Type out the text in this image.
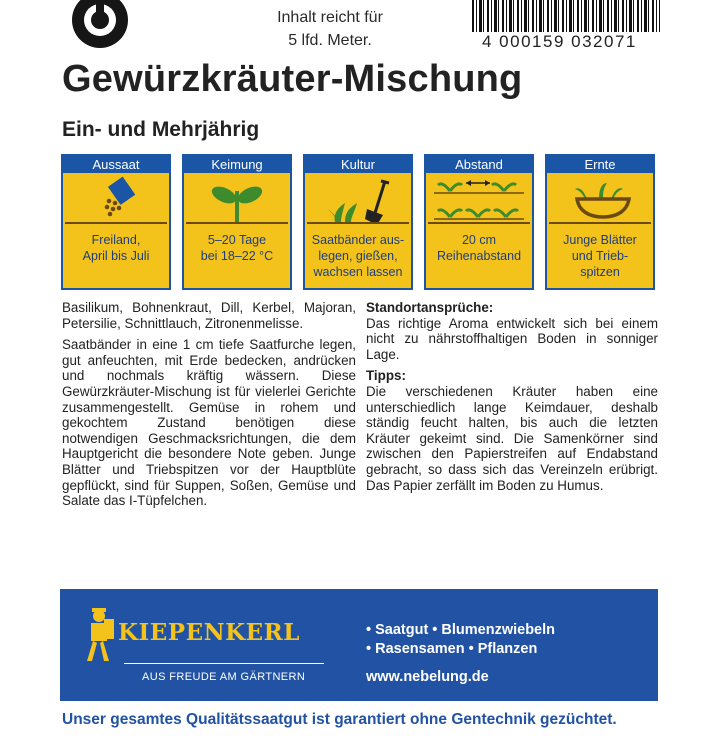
Inhalt reicht für
5 lfd. Meter.	4 000159 032071
Gewürzkräuter-Mischung
Ein- und Mehrjährig
Aussaat
Freiland,
April bis Juli
Keimung
5–20 Tage
bei 18–22 °C
Kultur
Saatbänder aus-
legen, gießen,
wachsen lassen
Abstand
20 cm
Reihenabstand
Ernte
Junge Blätter
und Trieb-
spitzen

Basilikum, Bohnenkraut, Dill, Kerbel, Majoran, Petersilie, Schnittlauch, Zitronenmelisse.

Saatbänder in eine 1 cm tiefe Saatfurche legen, gut anfeuchten, mit Erde bedecken, andrücken und nochmals kräftig wässern. Diese Gewürzkräuter-Mischung ist für vielerlei Gerichte zusammengestellt. Gemüse in rohem und gekochtem Zustand benötigen diese notwendigen Geschmacksrichtungen, die dem Hauptgericht die besondere Note geben. Junge Blätter und Triebspitzen vor der Hauptblüte gepflückt, sind für Suppen, Soßen, Gemüse und Salate das I-Tüpfelchen.

Standortansprüche:

Das richtige Aroma entwickelt sich bei einem nicht zu nährstoffhaltigen Boden in sonniger Lage.

Tipps:

Die verschiedenen Kräuter haben eine unterschiedlich lange Keimdauer, deshalb ständig feucht halten, bis auch die letzten Kräuter gekeimt sind. Die Samenkörner sind zwischen den Papierstreifen auf Endabstand gebracht, so dass sich das Vereinzeln erübrigt. Das Papier zerfällt im Boden zu Humus.

KIEPENKERL
AUS FREUDE AM GÄRTNERN
• Saatgut • Blumenzwiebeln
• Rasensamen • Pflanzen
www.nebelung.de
Unser gesamtes Qualitätssaatgut ist garantiert ohne Gentechnik gezüchtet.
